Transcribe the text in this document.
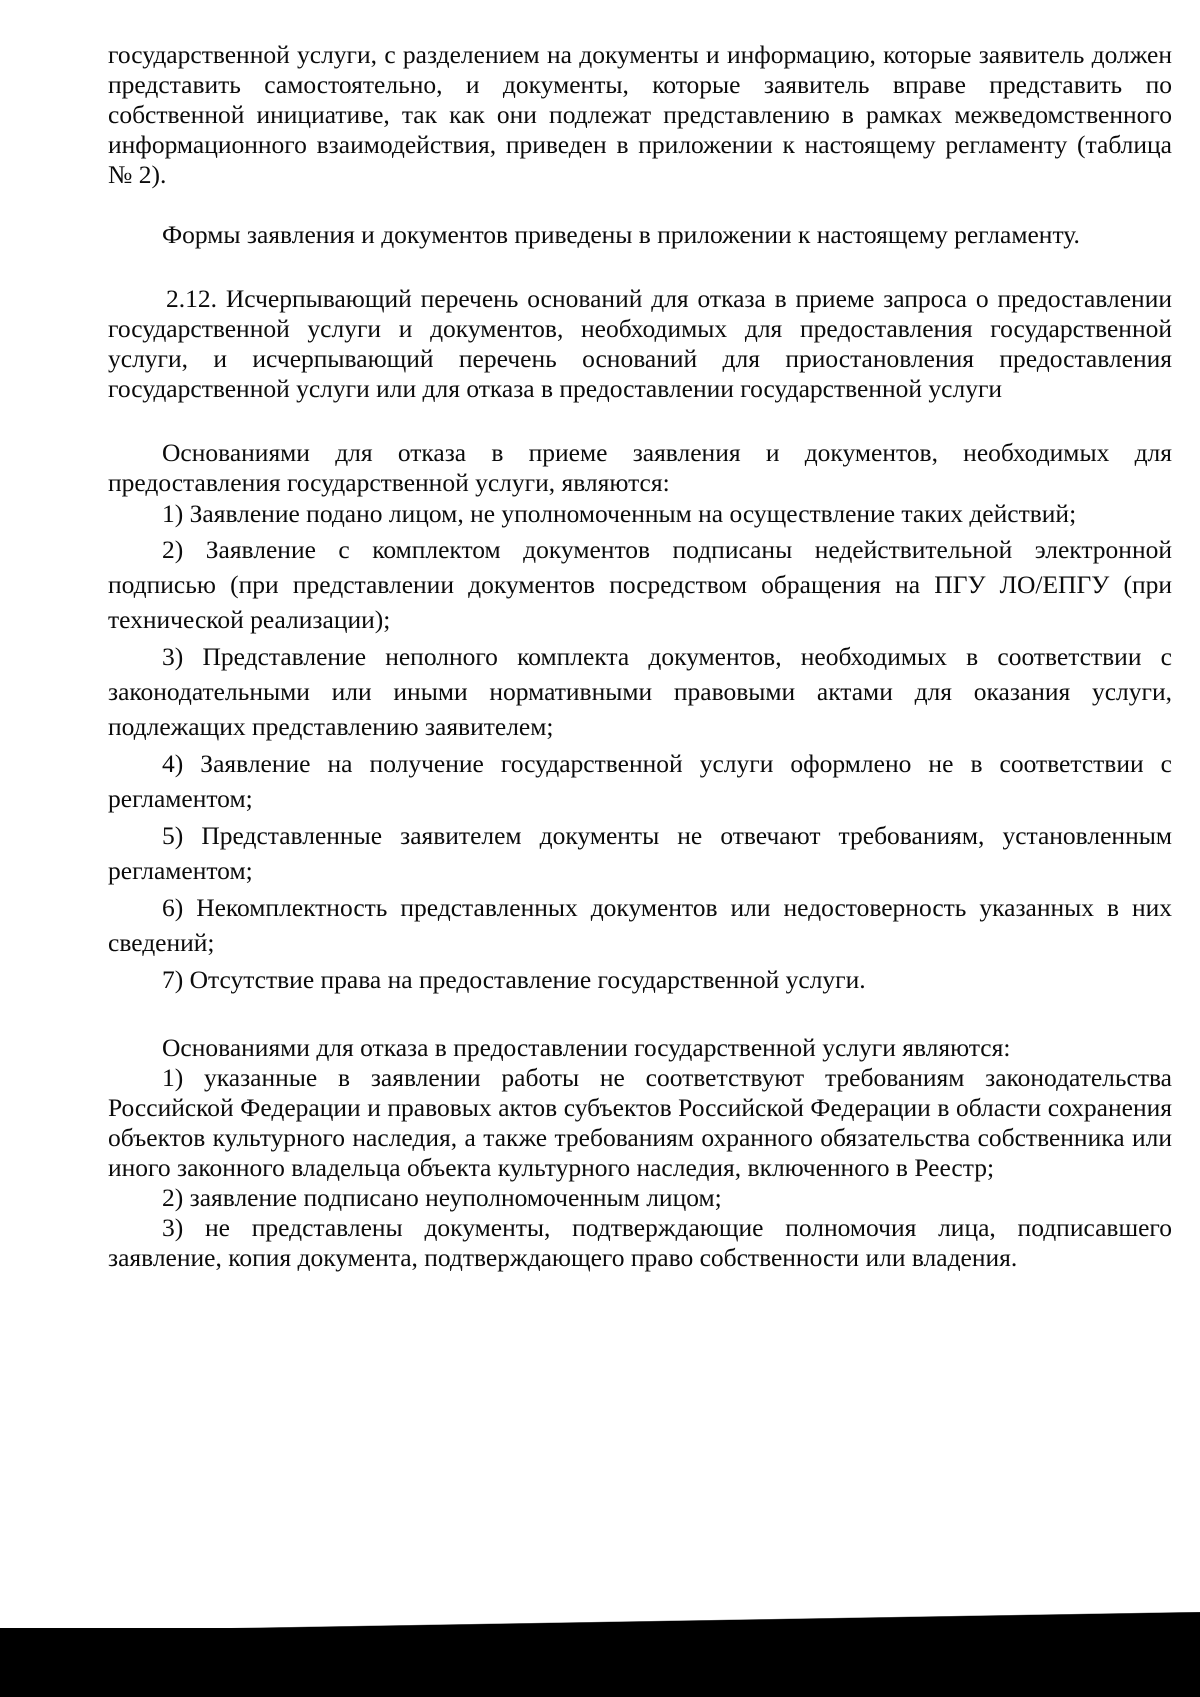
государственной услуги, с разделением на документы и информацию, которые заявитель должен представить самостоятельно, и документы, которые заявитель вправе представить по собственной инициативе, так как они подлежат представлению в рамках межведомственного информационного взаимодействия, приведен в приложении к настоящему регламенту (таблица № 2).

Формы заявления и документов приведены в приложении к настоящему регламенту.

2.12. Исчерпывающий перечень оснований для отказа в приеме запроса о предоставлении государственной услуги и документов, необходимых для предоставления государственной услуги, и исчерпывающий перечень оснований для приостановления предоставления государственной услуги или для отказа в предоставлении государственной услуги

Основаниями для отказа в приеме заявления и документов, необходимых для предоставления государственной услуги, являются:

1) Заявление подано лицом, не уполномоченным на осуществление таких действий;

2) Заявление с комплектом документов подписаны недействительной электронной подписью (при представлении документов посредством обращения на ПГУ ЛО/ЕПГУ (при технической реализации);

3) Представление неполного комплекта документов, необходимых в соответствии с законодательными или иными нормативными правовыми актами для оказания услуги, подлежащих представлению заявителем;

4) Заявление на получение государственной услуги оформлено не в соответствии с регламентом;

5) Представленные заявителем документы не отвечают требованиям, установленным регламентом;

6) Некомплектность представленных документов или недостоверность указанных в них сведений;

7) Отсутствие права на предоставление государственной услуги.

Основаниями для отказа в предоставлении государственной услуги являются:

1) указанные в заявлении работы не соответствуют требованиям законодательства Российской Федерации и правовых актов субъектов Российской Федерации в области сохранения объектов культурного наследия, а также требованиям охранного обязательства собственника или иного законного владельца объекта культурного наследия, включенного в Реестр;

2) заявление подписано неуполномоченным лицом;

3) не представлены документы, подтверждающие полномочия лица, подписавшего заявление, копия документа, подтверждающего право собственности или владения.
